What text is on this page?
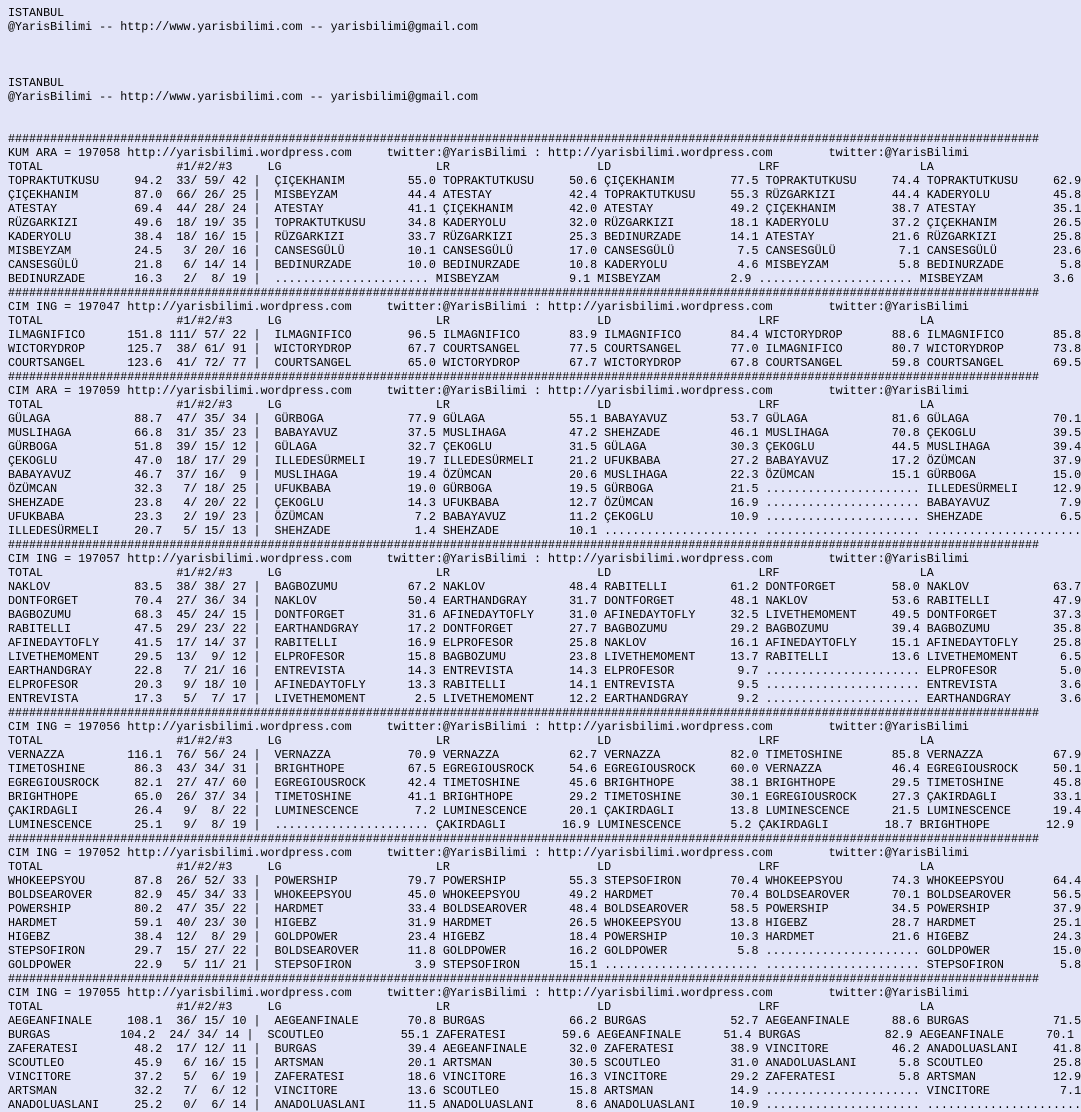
ISTANBUL
@YarisBilimi -- http://www.yarisbilimi.com -- yarisbilimi@gmail.com
ISTANBUL
@YarisBilimi -- http://www.yarisbilimi.com -- yarisbilimi@gmail.com
###################################################################################################################################################
KUM ARA = 197058 http://yarisbilimi.wordpress.com     twitter:@YarisBilimi : http://yarisbilimi.wordpress.com        twitter:@YarisBilimi
TOTAL                   #1/#2/#3     LG                      LR                     LD                     LRF                    LA
TOPRAKTUTKUSU     94.2  33/ 59/ 42 |  ÇIÇEKHANIM         55.0 TOPRAKTUTKUSU     50.6 ÇIÇEKHANIM        77.5 TOPRAKTUTKUSU     74.4 TOPRAKTUTKUSU     62.9
ÇIÇEKHANIM        87.0  66/ 26/ 25 |  MISBEYZAM          44.4 ATESTAY           42.4 TOPRAKTUTKUSU     55.3 RÜZGARKIZI        44.4 KADERYOLU         45.8
ATESTAY           69.4  44/ 28/ 24 |  ATESTAY            41.1 ÇIÇEKHANIM        42.0 ATESTAY           49.2 ÇIÇEKHANIM        38.7 ATESTAY           35.1
RÜZGARKIZI        49.6  18/ 19/ 35 |  TOPRAKTUTKUSU      34.8 KADERYOLU         32.0 RÜZGARKIZI        18.1 KADERYOLU         37.2 ÇIÇEKHANIM        26.5
KADERYOLU         38.4  18/ 16/ 15 |  RÜZGARKIZI         33.7 RÜZGARKIZI        25.3 BEDINURZADE       14.1 ATESTAY           21.6 RÜZGARKIZI        25.8
MISBEYZAM         24.5   3/ 20/ 16 |  CANSESGÜLÜ         10.1 CANSESGÜLÜ        17.0 CANSESGÜLÜ         7.5 CANSESGÜLÜ         7.1 CANSESGÜLÜ        23.6
CANSESGÜLÜ        21.8   6/ 14/ 14 |  BEDINURZADE        10.0 BEDINURZADE       10.8 KADERYOLU          4.6 MISBEYZAM          5.8 BEDINURZADE        5.8
BEDINURZADE       16.3   2/  8/ 19 |  ...................... MISBEYZAM          9.1 MISBEYZAM          2.9 ...................... MISBEYZAM          3.6
###################################################################################################################################################
CIM ING = 197047 http://yarisbilimi.wordpress.com     twitter:@YarisBilimi : http://yarisbilimi.wordpress.com        twitter:@YarisBilimi
TOTAL                   #1/#2/#3     LG                      LR                     LD                     LRF                    LA
ILMAGNIFICO      151.8 111/ 57/ 22 |  ILMAGNIFICO        96.5 ILMAGNIFICO       83.9 ILMAGNIFICO       84.4 WICTORYDROP       88.6 ILMAGNIFICO       85.8
WICTORYDROP      125.7  38/ 61/ 91 |  WICTORYDROP        67.7 COURTSANGEL       77.5 COURTSANGEL       77.0 ILMAGNIFICO       80.7 WICTORYDROP       73.8
COURTSANGEL      123.6  41/ 72/ 77 |  COURTSANGEL        65.0 WICTORYDROP       67.7 WICTORYDROP       67.8 COURTSANGEL       59.8 COURTSANGEL       69.5
###################################################################################################################################################
CIM ARA = 197059 http://yarisbilimi.wordpress.com     twitter:@YarisBilimi : http://yarisbilimi.wordpress.com        twitter:@YarisBilimi
TOTAL                   #1/#2/#3     LG                      LR                     LD                     LRF                    LA
GÜLAGA            88.7  47/ 35/ 34 |  GÜRBOGA            77.9 GÜLAGA            55.1 BABAYAVUZ         53.7 GÜLAGA            81.6 GÜLAGA            70.1
MUSLIHAGA         66.8  31/ 35/ 23 |  BABAYAVUZ          37.5 MUSLIHAGA         47.2 SHEHZADE          46.1 MUSLIHAGA         70.8 ÇEKOGLU           39.5
GÜRBOGA           51.8  39/ 15/ 12 |  GÜLAGA             32.7 ÇEKOGLU           31.5 GÜLAGA            30.3 ÇEKOGLU           44.5 MUSLIHAGA         39.4
ÇEKOGLU           47.0  18/ 17/ 29 |  ILLEDESÜRMELI      19.7 ILLEDESÜRMELI     21.2 UFUKBABA          27.2 BABAYAVUZ         17.2 ÖZÜMCAN           37.9
BABAYAVUZ         46.7  37/ 16/  9 |  MUSLIHAGA          19.4 ÖZÜMCAN           20.6 MUSLIHAGA         22.3 ÖZÜMCAN           15.1 GÜRBOGA           15.0
ÖZÜMCAN           32.3   7/ 18/ 25 |  UFUKBABA           19.0 GÜRBOGA           19.5 GÜRBOGA           21.5 ...................... ILLEDESÜRMELI     12.9
SHEHZADE          23.8   4/ 20/ 22 |  ÇEKOGLU            14.3 UFUKBABA          12.7 ÖZÜMCAN           16.9 ...................... BABAYAVUZ          7.9
UFUKBABA          23.3   2/ 19/ 23 |  ÖZÜMCAN             7.2 BABAYAVUZ         11.2 ÇEKOGLU           10.9 ...................... SHEHZADE           6.5
ILLEDESÜRMELI     20.7   5/ 15/ 13 |  SHEHZADE            1.4 SHEHZADE          10.1 ...................... ...................... ......................
###################################################################################################################################################
CIM ING = 197057 http://yarisbilimi.wordpress.com     twitter:@YarisBilimi : http://yarisbilimi.wordpress.com        twitter:@YarisBilimi
TOTAL                   #1/#2/#3     LG                      LR                     LD                     LRF                    LA
NAKLOV            83.5  38/ 38/ 27 |  BAGBOZUMU          67.2 NAKLOV            48.4 RABITELLI         61.2 DONTFORGET        58.0 NAKLOV            63.7
DONTFORGET        70.4  27/ 36/ 34 |  NAKLOV             50.4 EARTHANDGRAY      31.7 DONTFORGET        48.1 NAKLOV            53.6 RABITELLI         47.9
BAGBOZUMU         68.3  45/ 24/ 15 |  DONTFORGET         31.6 AFINEDAYTOFLY     31.0 AFINEDAYTOFLY     32.5 LIVETHEMOMENT     49.5 DONTFORGET        37.3
RABITELLI         47.5  29/ 23/ 22 |  EARTHANDGRAY       17.2 DONTFORGET        27.7 BAGBOZUMU         29.2 BAGBOZUMU         39.4 BAGBOZUMU         35.8
AFINEDAYTOFLY     41.5  17/ 14/ 37 |  RABITELLI          16.9 ELPROFESOR        25.8 NAKLOV            16.1 AFINEDAYTOFLY     15.1 AFINEDAYTOFLY     25.8
LIVETHEMOMENT     29.5  13/  9/ 12 |  ELPROFESOR         15.8 BAGBOZUMU         23.8 LIVETHEMOMENT     13.7 RABITELLI         13.6 LIVETHEMOMENT      6.5
EARTHANDGRAY      22.8   7/ 21/ 16 |  ENTREVISTA         14.3 ENTREVISTA        14.3 ELPROFESOR         9.7 ...................... ELPROFESOR         5.0
ELPROFESOR        20.3   9/ 18/ 10 |  AFINEDAYTOFLY      13.3 RABITELLI         14.1 ENTREVISTA         9.5 ...................... ENTREVISTA         3.6
ENTREVISTA        17.3   5/  7/ 17 |  LIVETHEMOMENT       2.5 LIVETHEMOMENT     12.2 EARTHANDGRAY       9.2 ...................... EARTHANDGRAY       3.6
###################################################################################################################################################
CIM ING = 197056 http://yarisbilimi.wordpress.com     twitter:@YarisBilimi : http://yarisbilimi.wordpress.com        twitter:@YarisBilimi
TOTAL                   #1/#2/#3     LG                      LR                     LD                     LRF                    LA
VERNAZZA         116.1  76/ 56/ 24 |  VERNAZZA           70.9 VERNAZZA          62.7 VERNAZZA          82.0 TIMETOSHINE       85.8 VERNAZZA          67.9
TIMETOSHINE       86.3  43/ 34/ 31 |  BRIGHTHOPE         67.5 EGREGIOUSROCK     54.6 EGREGIOUSROCK     60.0 VERNAZZA          46.4 EGREGIOUSROCK     50.1
EGREGIOUSROCK     82.1  27/ 47/ 60 |  EGREGIOUSROCK      42.4 TIMETOSHINE       45.6 BRIGHTHOPE        38.1 BRIGHTHOPE        29.5 TIMETOSHINE       45.8
BRIGHTHOPE        65.0  26/ 37/ 34 |  TIMETOSHINE        41.1 BRIGHTHOPE        29.2 TIMETOSHINE       30.1 EGREGIOUSROCK     27.3 ÇAKIRDAGLI        33.1
ÇAKIRDAGLI        26.4   9/  8/ 22 |  LUMINESCENCE        7.2 LUMINESCENCE      20.1 ÇAKIRDAGLI        13.8 LUMINESCENCE      21.5 LUMINESCENCE      19.4
LUMINESCENCE      25.1   9/  8/ 19 |  ...................... ÇAKIRDAGLI        16.9 LUMINESCENCE       5.2 ÇAKIRDAGLI        18.7 BRIGHTHOPE        12.9
###################################################################################################################################################
CIM ING = 197052 http://yarisbilimi.wordpress.com     twitter:@YarisBilimi : http://yarisbilimi.wordpress.com        twitter:@YarisBilimi
TOTAL                   #1/#2/#3     LG                      LR                     LD                     LRF                    LA
WHOKEEPSYOU       87.8  26/ 52/ 33 |  POWERSHIP          79.7 POWERSHIP         55.3 STEPSOFIRON       70.4 WHOKEEPSYOU       74.3 WHOKEEPSYOU       64.4
BOLDSEAROVER      82.9  45/ 34/ 33 |  WHOKEEPSYOU        45.0 WHOKEEPSYOU       49.2 HARDMET           70.4 BOLDSEAROVER      70.1 BOLDSEAROVER      56.5
POWERSHIP         80.2  47/ 35/ 22 |  HARDMET            33.4 BOLDSEAROVER      48.4 BOLDSEAROVER      58.5 POWERSHIP         34.5 POWERSHIP         37.9
HARDMET           59.1  40/ 23/ 30 |  HIGEBZ             31.9 HARDMET           26.5 WHOKEEPSYOU       13.8 HIGEBZ            28.7 HARDMET           25.1
HIGEBZ            38.4  12/  8/ 29 |  GOLDPOWER          23.4 HIGEBZ            18.4 POWERSHIP         10.3 HARDMET           21.6 HIGEBZ            24.3
STEPSOFIRON       29.7  15/ 27/ 22 |  BOLDSEAROVER       11.8 GOLDPOWER         16.2 GOLDPOWER          5.8 ...................... GOLDPOWER         15.0
GOLDPOWER         22.9   5/ 11/ 21 |  STEPSOFIRON         3.9 STEPSOFIRON       15.1 ...................... ...................... STEPSOFIRON        5.8
###################################################################################################################################################
CIM ING = 197055 http://yarisbilimi.wordpress.com     twitter:@YarisBilimi : http://yarisbilimi.wordpress.com        twitter:@YarisBilimi
TOTAL                   #1/#2/#3     LG                      LR                     LD                     LRF                    LA
AEGEANFINALE     108.1  36/ 15/ 10 |  AEGEANFINALE       70.8 BURGAS            66.2 BURGAS            52.7 AEGEANFINALE      88.6 BURGAS            71.5
BURGAS          104.2  24/ 34/ 14 |  SCOUTLEO           55.1 ZAFERATESI        59.6 AEGEANFINALE      51.4 BURGAS            82.9 AEGEANFINALE      70.1
ZAFERATESI        48.2  17/ 12/ 11 |  BURGAS             39.4 AEGEANFINALE      32.0 ZAFERATESI        38.9 VINCITORE         46.2 ANADOLUASLANI     41.8
SCOUTLEO          45.9   6/ 16/ 15 |  ARTSMAN            20.1 ARTSMAN           30.5 SCOUTLEO          31.0 ANADOLUASLANI      5.8 SCOUTLEO          25.8
VINCITORE         37.2   5/  6/ 19 |  ZAFERATESI         18.6 VINCITORE         16.3 VINCITORE         29.2 ZAFERATESI         5.8 ARTSMAN           12.9
ARTSMAN           32.2   7/  6/ 12 |  VINCITORE          13.6 SCOUTLEO          15.8 ARTSMAN           14.9 ...................... VINCITORE          7.1
ANADOLUASLANI     25.2   0/  6/ 14 |  ANADOLUASLANI      11.5 ANADOLUASLANI      8.6 ANADOLUASLANI     10.9 ...................... ......................
